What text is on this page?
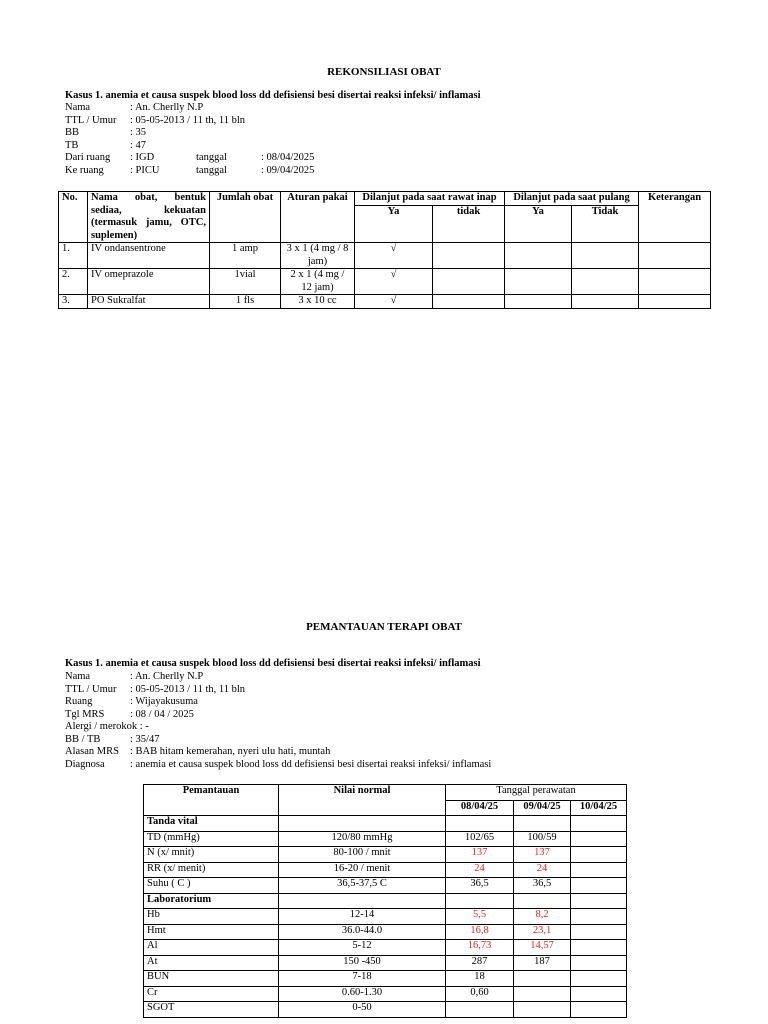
REKONSILIASI OBAT
Kasus 1. anemia et causa suspek blood loss dd defisiensi besi disertai reaksi infeksi/ inflamasi
Nama	: An. Cherlly N.P
TTL / Umur : 05-05-2013 / 11 th, 11 bln
BB	: 35
TB	: 47
Dari ruang : IGD	tanggal	: 08/04/2025
Ke ruang : PICU	tanggal	: 09/04/2025
No.	Nama obat, bentuk sediaa, kekuatan (termasuk jamu, OTC, suplemen)	Jumlah obat	Aturan pakai	Dilanjut pada saat rawat inap		Dilanjut pada saat pulang		Keterangan
				Ya	tidak	Ya	Tidak	
1.	IV ondansentrone	1 amp	3 x 1 (4 mg / 8 jam)	√				
2.	IV omeprazole	1vial	2 x 1 (4 mg / 12 jam)	√				
3.	PO Sukralfat	1 fls	3 x 10 cc	√				
PEMANTAUAN TERAPI OBAT
Kasus 1. anemia et causa suspek blood loss dd defisiensi besi disertai reaksi infeksi/ inflamasi
Nama	: An. Cherlly N.P
TTL / Umur : 05-05-2013 / 11 th, 11 bln
Ruang	: Wijayakusuma
Tgl MRS : 08 / 04 / 2025
Alergi / merokok : -
BB / TB	: 35/47
Alasan MRS : BAB hitam kemerahan, nyeri ulu hati, muntah
Diagnosa : anemia et causa suspek blood loss dd defisiensi besi disertai reaksi infeksi/ inflamasi
Pemantauan	Nilai normal	Tanggal perawatan		
		08/04/25	09/04/25	10/04/25
Tanda vital				
TD (mmHg)	120/80 mmHg	102/65	100/59	
N (x/ mnit)	80-100 / mnit	137	137	
RR (x/ menit)	16-20 / menit	24	24	
Suhu ( C )	36,5-37,5 C	36,5	36,5	
Laboratorium				
Hb	12-14	5,5	8,2	
Hmt	36.0-44.0	16,8	23,1	
Al	5-12	16,73	14,57	
At	150 -450	287	187	
BUN	7-18	18		
Cr	0.60-1.30	0,60		
SGOT	0-50			
